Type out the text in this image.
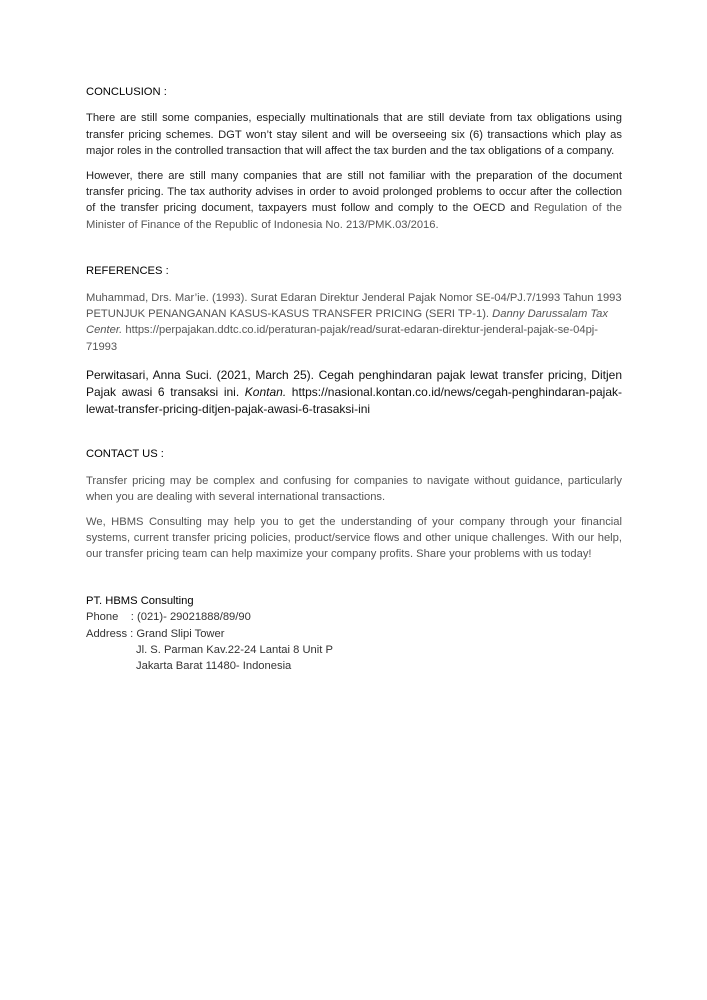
CONCLUSION :

There are still some companies, especially multinationals that are still deviate from tax obligations using transfer pricing schemes. DGT won’t stay silent and will be overseeing six (6) transactions which play as major roles in the controlled transaction that will affect the tax burden and the tax obligations of a company.

However, there are still many companies that are still not familiar with the preparation of the document transfer pricing. The tax authority advises in order to avoid prolonged problems to occur after the collection of the transfer pricing document, taxpayers must follow and comply to the OECD and Regulation of the Minister of Finance of the Republic of Indonesia No. 213/PMK.03/2016.

REFERENCES :

Muhammad, Drs. Mar’ie. (1993). Surat Edaran Direktur Jenderal Pajak Nomor SE-04/PJ.7/1993 Tahun 1993 PETUNJUK PENANGANAN KASUS-KASUS TRANSFER PRICING (SERI TP-1). Danny Darussalam Tax Center. https://perpajakan.ddtc.co.id/peraturan-pajak/read/surat-edaran-direktur-jenderal-pajak-se-04pj-71993

Perwitasari, Anna Suci. (2021, March 25). Cegah penghindaran pajak lewat transfer pricing, Ditjen Pajak awasi 6 transaksi ini. Kontan. https://nasional.kontan.co.id/news/cegah-penghindaran-pajak-lewat-transfer-pricing-ditjen-pajak-awasi-6-trasaksi-ini

CONTACT US :

Transfer pricing may be complex and confusing for companies to navigate without guidance, particularly when you are dealing with several international transactions.

We, HBMS Consulting may help you to get the understanding of your company through your financial systems, current transfer pricing policies, product/service flows and other unique challenges. With our help, our transfer pricing team can help maximize your company profits. Share your problems with us today!

PT. HBMS Consulting
Phone    : (021)- 29021888/89/90
Address : Grand Slipi Tower
Jl. S. Parman Kav.22-24 Lantai 8 Unit P
Jakarta Barat 11480- Indonesia
